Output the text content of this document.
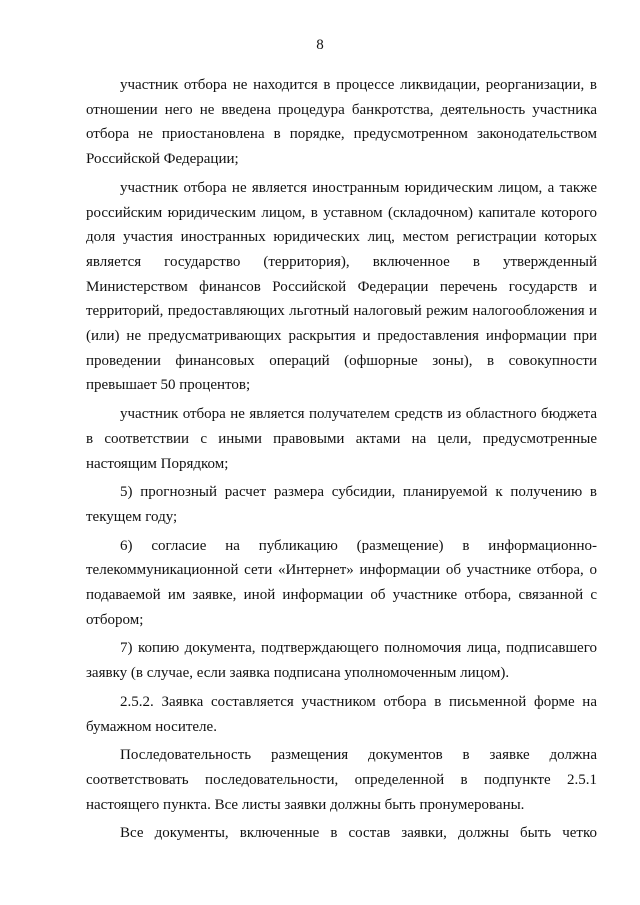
8

участник отбора не находится в процессе ликвидации, реорганизации, в отношении него не введена процедура банкротства, деятельность участника отбора не приостановлена в порядке, предусмотренном законодательством Российской Федерации;

участник отбора не является иностранным юридическим лицом, а также российским юридическим лицом, в уставном (складочном) капитале которого доля участия иностранных юридических лиц, местом регистрации которых является государство (территория), включенное в утвержденный Министерством финансов Российской Федерации перечень государств и территорий, предоставляющих льготный налоговый режим налогообложения и (или) не предусматривающих раскрытия и предоставления информации при проведении финансовых операций (офшорные зоны), в совокупности превышает 50 процентов;

участник отбора не является получателем средств из областного бюджета в соответствии с иными правовыми актами на цели, предусмотренные настоящим Порядком;

5) прогнозный расчет размера субсидии, планируемой к получению в текущем году;

6) согласие на публикацию (размещение) в информационно-телекоммуникационной сети «Интернет» информации об участнике отбора, о подаваемой им заявке, иной информации об участнике отбора, связанной с отбором;

7) копию документа, подтверждающего полномочия лица, подписавшего заявку (в случае, если заявка подписана уполномоченным лицом).

2.5.2. Заявка составляется участником отбора в письменной форме на бумажном носителе.

Последовательность размещения документов в заявке должна соответствовать последовательности, определенной в подпункте 2.5.1 настоящего пункта. Все листы заявки должны быть пронумерованы.

Все документы, включенные в состав заявки, должны быть четко
